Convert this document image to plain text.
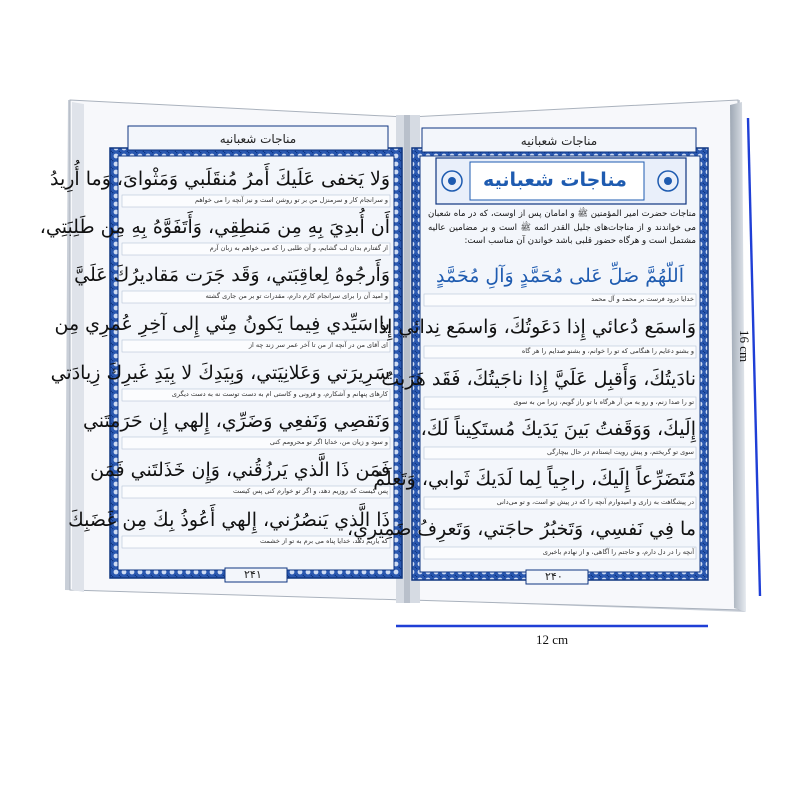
مناجات شعبانیه	مناجات شعبانیه
مناجات شعبانیه
مناجات حضرت امیر المؤمنین ﷺ و امامان پس از اوست، که در ماه شعبان می خواندند و از مناجات‌های جلیل القدر ائمه ﷺ است و بر مضامین عالیه مشتمل است و هرگاه حضور قلبی باشد خواندن آن مناسب است:
وَلا يَخفى عَلَيكَ أَمرُ مُنقَلَبي وَمَثْواىَ، وَما أُرِيدُ
و سرانجام کار و سرمنزل من بر تو روشن است و نیز آنچه را می خواهم
أَن أُبدِيَ بِهِ مِن مَنطِقِي، وَأَتَفَوَّهُ بِهِ مِن طَلِبَتِي،
از گفتارم بدان لب گشایم، و آن طلبی را که می خواهم به زبان آرم
وَأَرجُوهُ لِعاقِبَتي، وَقَد جَرَت مَقاديرُكَ عَلَيَّ
و امید آن را برای سرانجام کارم دارم، مقدرات تو بر من جاری گشته
يا سَيِّدي فِيما يَكونُ مِنّي إِلى آخِرِ عُمرِي مِن
ای آقای من در آنچه از من تا آخر عمر سر زند چه از
سَرِيرَتي وَعَلانِيَتي، وَبِيَدِكَ لا بِيَدِ غَيرِكَ زِيادَتي
کارهای پنهانم و آشکارم، و فزونی و کاستی ام به دست توست نه به دست دیگری
وَنَقصِي وَنَفعِي وَضَرِّي، إِلهي إِن حَرَمتَني
و سود و زیان من، خدایا اگر تو محرومم کنی
فَمَن ذَا الَّذي يَرزُقُني، وَإِن خَذَلتَني فَمَن
پس کیست که روزیم دهد، و اگر تو خوارم کنی پس کیست
ذَا الَّذي يَنصُرُني، إِلهي أَعُوذُ بِكَ مِن غَضَبِكَ
که یاریم دهد، خدایا پناه می برم به تو از خشمت
اَللّهُمَّ صَلِّ عَلى مُحَمَّدٍ وَآلِ مُحَمَّدٍ
خدایا درود فرست بر محمد و آل محمد
وَاسمَع دُعائي إِذا دَعَوتُكَ، وَاسمَع نِدائي إِذا
و بشنو دعایم را هنگامی که تو را خوانم، و بشنو صدایم را هر گاه
نادَيتُكَ، وَأَقبِل عَلَيَّ إِذا ناجَيتُكَ، فَقَد هَرَبتُ
تو را صدا زنم، و رو به من آر هرگاه با تو راز گویم، زیرا من به سوی
إِلَيكَ، وَوَقَفتُ بَينَ يَدَيكَ مُستَكِيناً لَكَ،
سوی تو گریختم، و پیش رویت ایستادم در حال بیچارگی
مُتَضَرِّعاً إِلَيكَ، راجِياً لِما لَدَيكَ ثَوابي، وَتَعلَمُ
در پیشگاهت به زاری و امیدوارم آنچه را که در پیش تو است، و تو می‌دانی
ما فِي نَفسِي، وَتَخبُرُ حاجَتي، وَتَعرِفُ ضَمِيري،
آنچه را در دل دارم، و حاجتم را آگاهی، و از نهادم باخبری
۲۴۱	۲۴۰
16 cm
12 cm
